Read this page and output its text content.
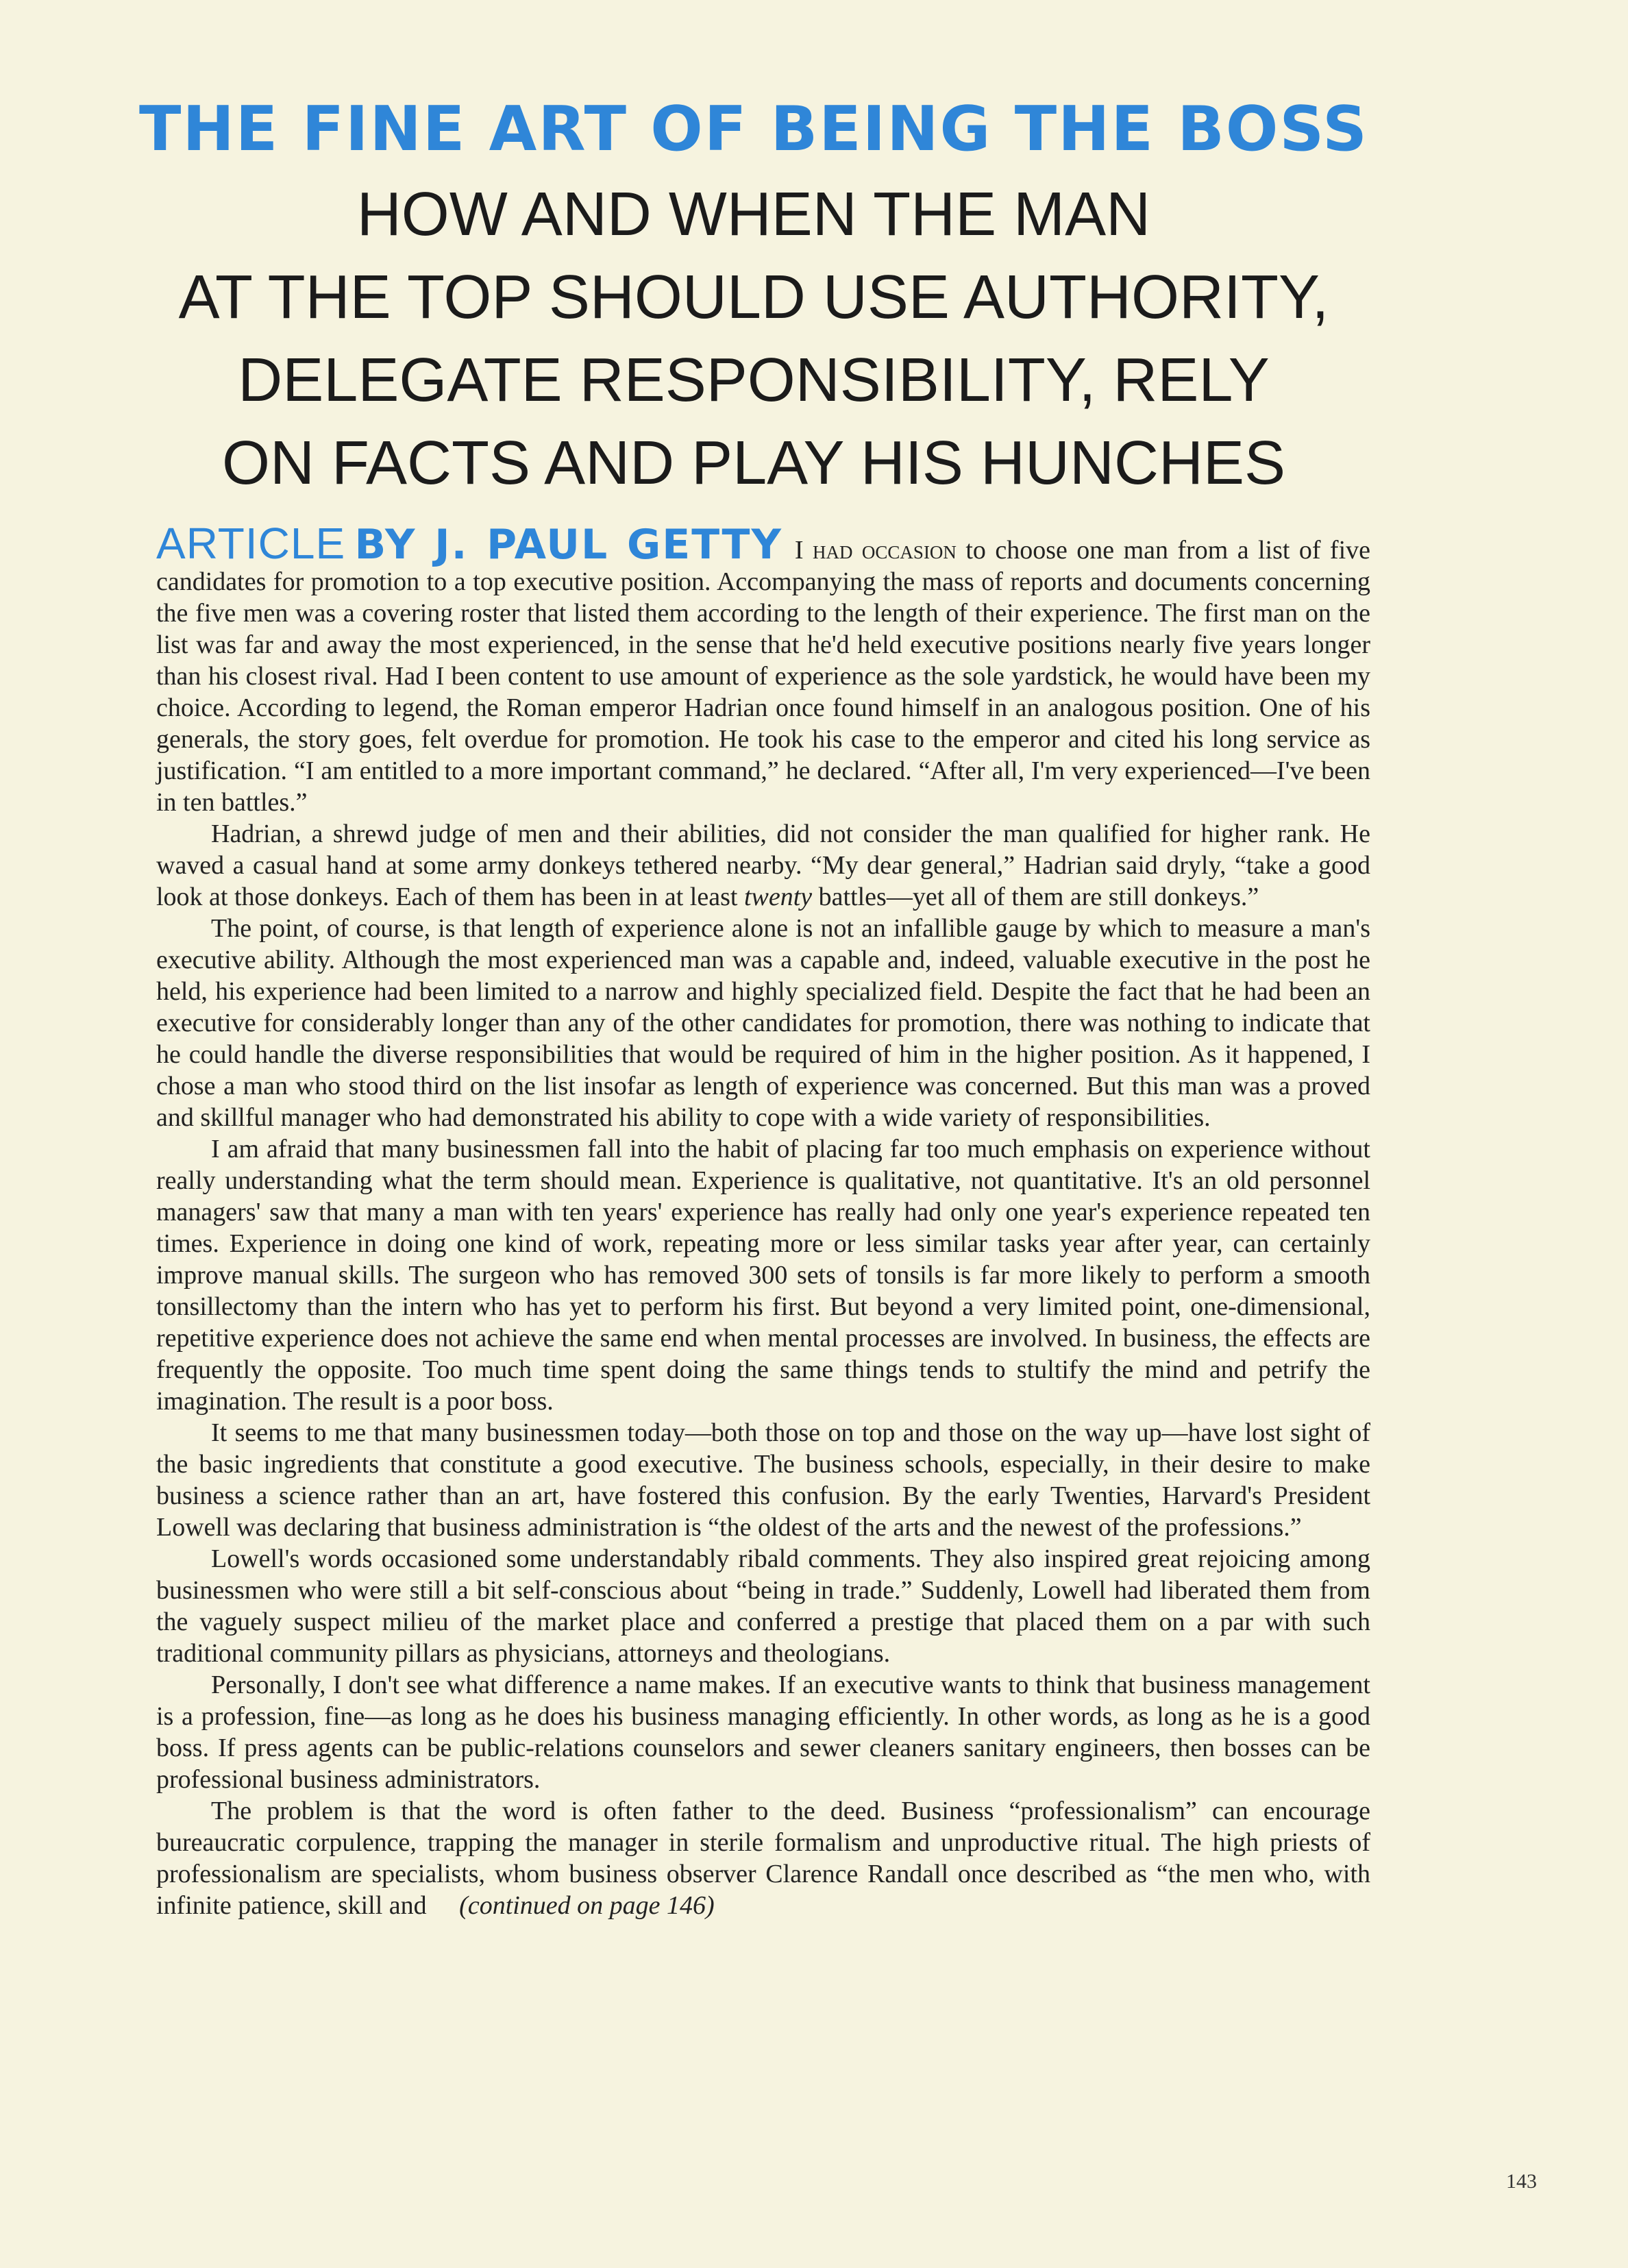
THE FINE ART OF BEING THE BOSS
HOW AND WHEN THE MAN
AT THE TOP SHOULD USE AUTHORITY,
DELEGATE RESPONSIBILITY, RELY
ON FACTS AND PLAY HIS HUNCHES

ARTICLE BY J. PAUL GETTY I had occasion to choose one man from a list of five candidates for promotion to a top executive position. Accompanying the mass of reports and documents concerning the five men was a covering roster that listed them according to the length of their experience. The first man on the list was far and away the most experienced, in the sense that he'd held executive positions nearly five years longer than his closest rival. Had I been content to use amount of experience as the sole yardstick, he would have been my choice. According to legend, the Roman emperor Hadrian once found himself in an analogous position. One of his generals, the story goes, felt overdue for promotion. He took his case to the emperor and cited his long service as justification. “I am entitled to a more important command,” he declared. “After all, I'm very experienced—I've been in ten battles.”

Hadrian, a shrewd judge of men and their abilities, did not consider the man qualified for higher rank. He waved a casual hand at some army donkeys tethered nearby. “My dear general,” Hadrian said dryly, “take a good look at those donkeys. Each of them has been in at least twenty battles—yet all of them are still donkeys.”

The point, of course, is that length of experience alone is not an infallible gauge by which to measure a man's executive ability. Although the most experienced man was a capable and, indeed, valuable executive in the post he held, his experience had been limited to a narrow and highly specialized field. Despite the fact that he had been an executive for considerably longer than any of the other candidates for promotion, there was nothing to indicate that he could handle the diverse responsibilities that would be required of him in the higher position. As it happened, I chose a man who stood third on the list insofar as length of experience was concerned. But this man was a proved and skillful manager who had demonstrated his ability to cope with a wide variety of responsibilities.

I am afraid that many businessmen fall into the habit of placing far too much emphasis on experience without really understanding what the term should mean. Experience is qualitative, not quantitative. It's an old personnel managers' saw that many a man with ten years' experience has really had only one year's experience repeated ten times. Experience in doing one kind of work, repeating more or less similar tasks year after year, can certainly improve manual skills. The surgeon who has removed 300 sets of tonsils is far more likely to perform a smooth tonsillectomy than the intern who has yet to perform his first. But beyond a very limited point, one-dimensional, repetitive experience does not achieve the same end when mental processes are involved. In business, the effects are frequently the opposite. Too much time spent doing the same things tends to stultify the mind and petrify the imagination. The result is a poor boss.

It seems to me that many businessmen today—both those on top and those on the way up—have lost sight of the basic ingredients that constitute a good executive. The business schools, especially, in their desire to make business a science rather than an art, have fostered this confusion. By the early Twenties, Harvard's President Lowell was declaring that business administration is “the oldest of the arts and the newest of the professions.”

Lowell's words occasioned some understandably ribald comments. They also inspired great rejoicing among businessmen who were still a bit self-conscious about “being in trade.” Suddenly, Lowell had liberated them from the vaguely suspect milieu of the market place and conferred a prestige that placed them on a par with such traditional community pillars as physicians, attorneys and theologians.

Personally, I don't see what difference a name makes. If an executive wants to think that business management is a profession, fine—as long as he does his business managing efficiently. In other words, as long as he is a good boss. If press agents can be public-relations counselors and sewer cleaners sanitary engineers, then bosses can be professional business administrators.

The problem is that the word is often father to the deed. Business “professionalism” can encourage bureaucratic corpulence, trapping the manager in sterile formalism and unproductive ritual. The high priests of professionalism are specialists, whom business observer Clarence Randall once described as “the men who, with infinite patience, skill and (continued on page 146)

143
